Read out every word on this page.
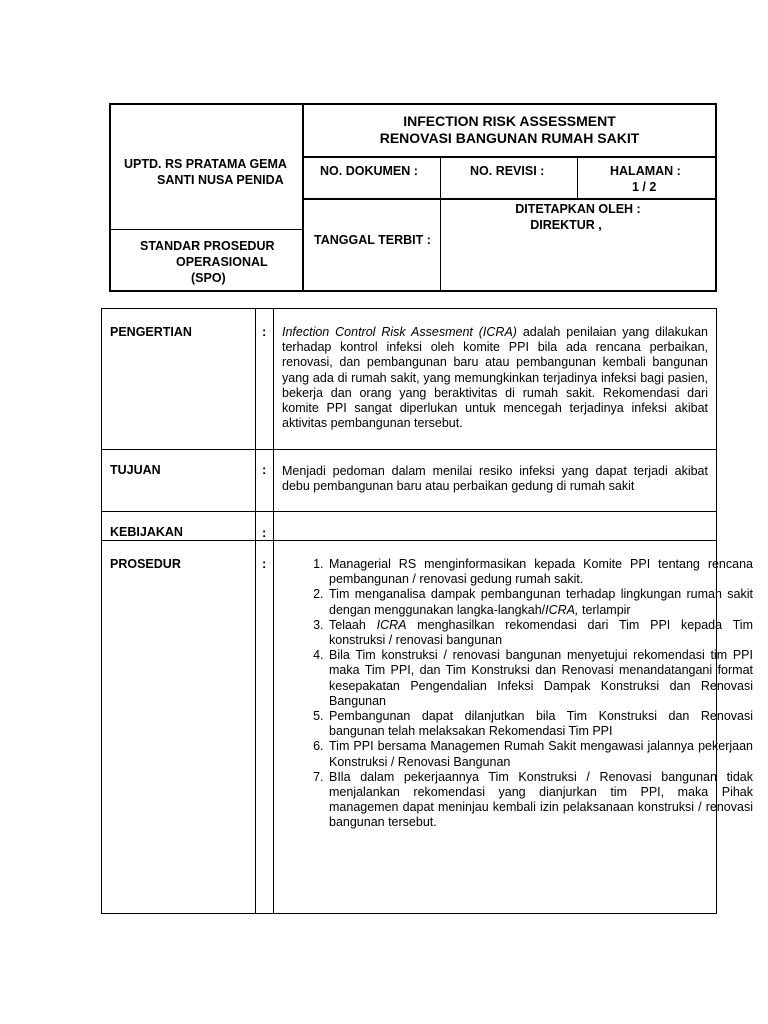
UPTD. RS PRATAMA GEMA
SANTI NUSA PENIDA
INFECTION RISK ASSESSMENT
RENOVASI BANGUNAN RUMAH SAKIT
NO. DOKUMEN :	NO. REVISI :	HALAMAN :
1 / 2
STANDAR PROSEDUR
OPERASIONAL
(SPO)
TANGGAL TERBIT :
DITETAPKAN OLEH :
DIREKTUR ,
PENGERTIAN	: Infection Control Risk Assesment (ICRA) adalah penilaian yang dilakukan terhadap kontrol infeksi oleh komite PPI bila ada rencana perbaikan, renovasi, dan pembangunan baru atau pembangunan kembali bangunan yang ada di rumah sakit, yang memungkinkan terjadinya infeksi bagi pasien, bekerja dan orang yang beraktivitas di rumah sakit. Rekomendasi dari komite PPI sangat diperlukan untuk mencegah terjadinya infeksi akibat aktivitas pembangunan tersebut.
TUJUAN	: Menjadi pedoman dalam menilai resiko infeksi yang dapat terjadi akibat debu pembangunan baru atau perbaikan gedung di rumah sakit
KEBIJAKAN	:
PROSEDUR	:
1.	Managerial RS menginformasikan kepada Komite PPI tentang rencana pembangunan / renovasi gedung rumah sakit.
2. Tim menganalisa dampak pembangunan terhadap lingkungan rumah sakit dengan menggunakan langka-langkah/ICRA, terlampir
3. Telaah ICRA menghasilkan rekomendasi dari Tim PPI kepada Tim konstruksi / renovasi bangunan
4. Bila Tim konstruksi / renovasi bangunan menyetujui rekomendasi tim PPI maka Tim PPI, dan Tim Konstruksi dan Renovasi menandatangani format kesepakatan Pengendalian Infeksi Dampak Konstruksi dan Renovasi Bangunan
5. Pembangunan dapat dilanjutkan bila Tim Konstruksi dan Renovasi bangunan telah melaksakan Rekomendasi Tim PPI
6. Tim PPI bersama Managemen Rumah Sakit mengawasi jalannya pekerjaan Konstruksi / Renovasi Bangunan
7. BIla dalam pekerjaannya Tim Konstruksi / Renovasi bangunan tidak menjalankan rekomendasi yang dianjurkan tim PPI, maka Pihak managemen dapat meninjau kembali izin pelaksanaan konstruksi / renovasi bangunan tersebut.
